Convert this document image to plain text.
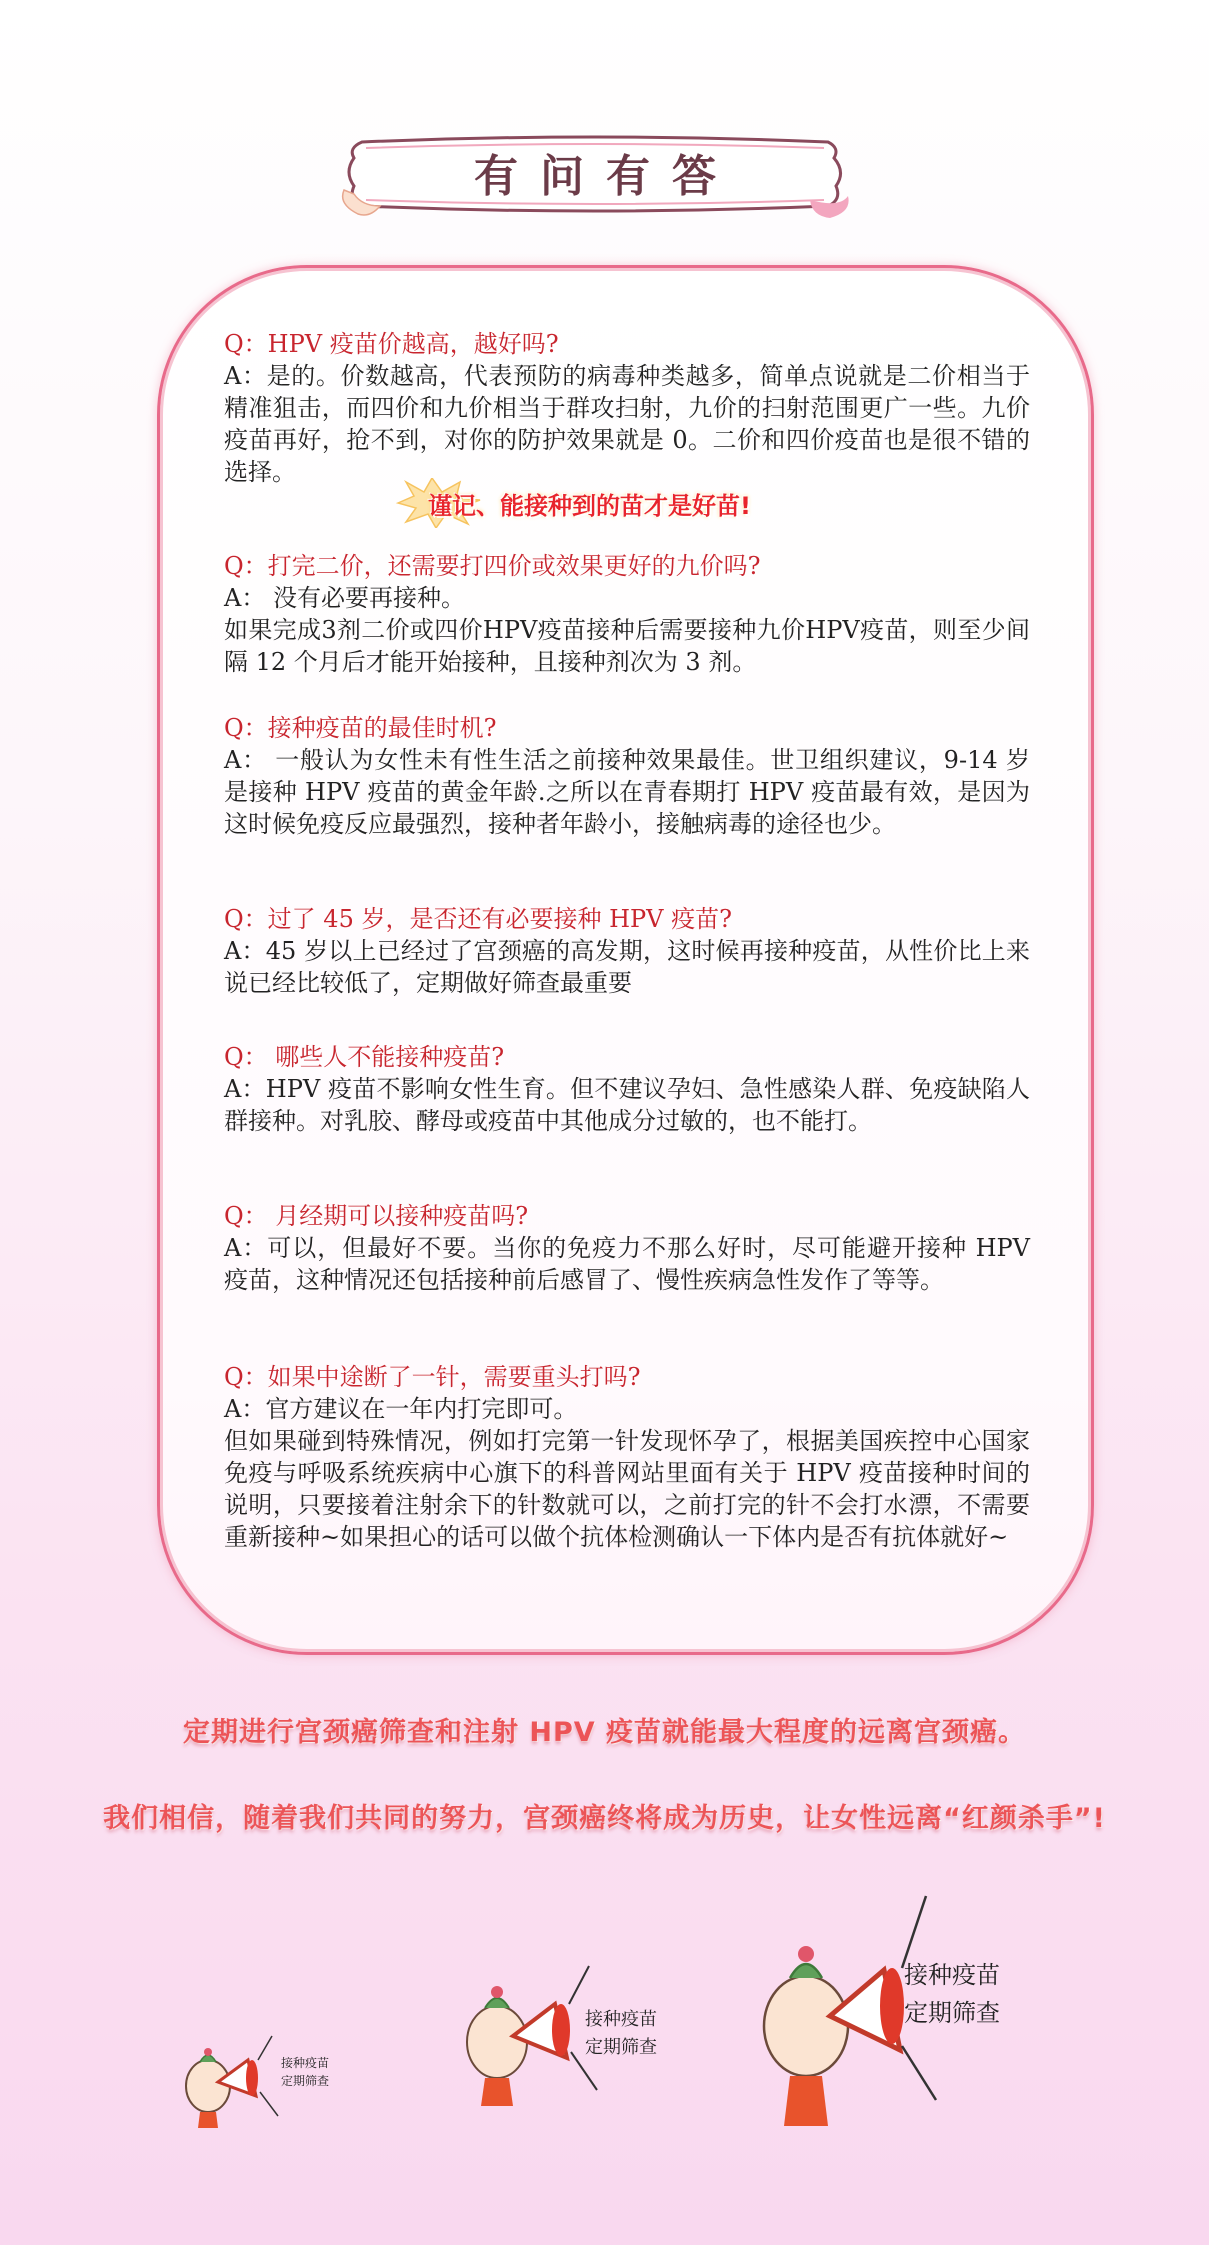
有问有答

Q：HPV 疫苗价越高，越好吗?

A：是的。价数越高，代表预防的病毒种类越多，简单点说就是二价相当于精准狙击，而四价和九价相当于群攻扫射，九价的扫射范围更广一些。九价疫苗再好，抢不到，对你的防护效果就是 0。二价和四价疫苗也是很不错的选择。

谨记、能接种到的苗才是好苗!

Q：打完二价，还需要打四价或效果更好的九价吗?

A： 没有必要再接种。

如果完成3剂二价或四价HPV疫苗接种后需要接种九价HPV疫苗，则至少间隔 12 个月后才能开始接种，且接种剂次为 3 剂。

Q：接种疫苗的最佳时机?

A： 一般认为女性未有性生活之前接种效果最佳。世卫组织建议，9-14 岁是接种 HPV 疫苗的黄金年龄.之所以在青春期打 HPV 疫苗最有效，是因为这时候免疫反应最强烈，接种者年龄小，接触病毒的途径也少。

Q：过了 45 岁，是否还有必要接种 HPV 疫苗?

A：45 岁以上已经过了宫颈癌的高发期，这时候再接种疫苗，从性价比上来说已经比较低了，定期做好筛查最重要

Q： 哪些人不能接种疫苗?

A：HPV 疫苗不影响女性生育。但不建议孕妇、急性感染人群、免疫缺陷人群接种。对乳胶、酵母或疫苗中其他成分过敏的，也不能打。

Q： 月经期可以接种疫苗吗?

A：可以，但最好不要。当你的免疫力不那么好时，尽可能避开接种 HPV 疫苗，这种情况还包括接种前后感冒了、慢性疾病急性发作了等等。

Q：如果中途断了一针，需要重头打吗?

A：官方建议在一年内打完即可。

但如果碰到特殊情况，例如打完第一针发现怀孕了，根据美国疾控中心国家免疫与呼吸系统疾病中心旗下的科普网站里面有关于 HPV 疫苗接种时间的说明，只要接着注射余下的针数就可以，之前打完的针不会打水漂，不需要重新接种~如果担心的话可以做个抗体检测确认一下体内是否有抗体就好~

定期进行宫颈癌筛查和注射 HPV 疫苗就能最大程度的远离宫颈癌。
我们相信，随着我们共同的努力，宫颈癌终将成为历史，让女性远离“红颜杀手”!
接种疫苗
定期筛查
接种疫苗
定期筛查
接种疫苗
定期筛查
